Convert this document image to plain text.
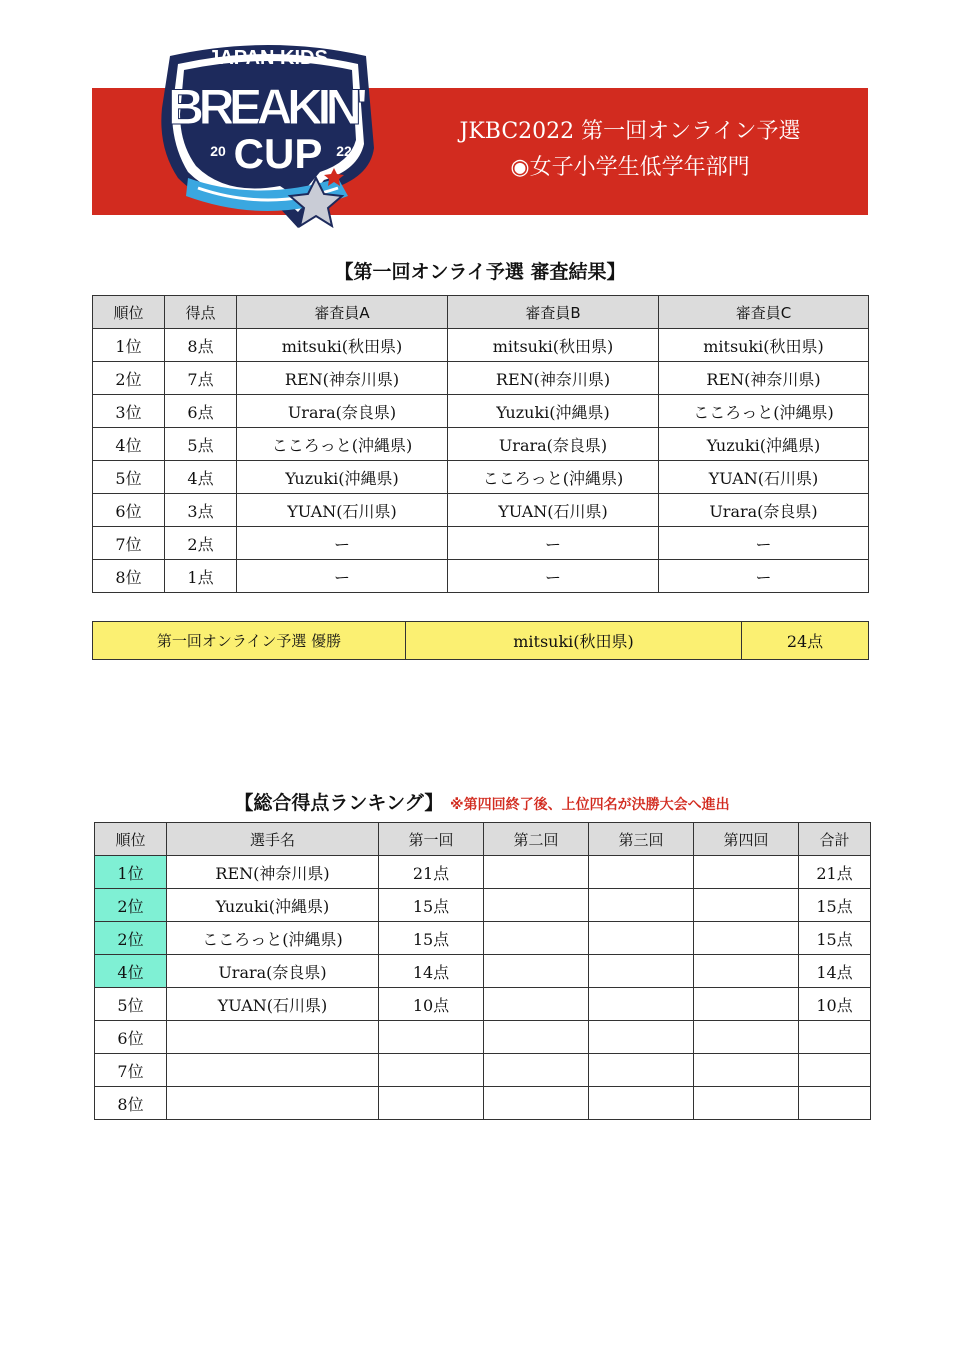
JAPAN KIDS
BREAKIN'
20 CUP 22
JKBC2022 第一回オンライン予選
◉女子小学生低学年部門
【第一回オンライ予選 審査結果】
順位	得点	審査員A	審査員B	審査員C
1位	8点	mitsuki(秋田県)	mitsuki(秋田県)	mitsuki(秋田県)
2位	7点	REN(神奈川県)	REN(神奈川県)	REN(神奈川県)
3位	6点	Urara(奈良県)	Yuzuki(沖縄県)	こころっと(沖縄県)
4位	5点	こころっと(沖縄県)	Urara(奈良県)	Yuzuki(沖縄県)
5位	4点	Yuzuki(沖縄県)	こころっと(沖縄県)	YUAN(石川県)
6位	3点	YUAN(石川県)	YUAN(石川県)	Urara(奈良県)
7位	2点	ー	ー	ー
8位	1点	ー	ー	ー
第一回オンライン予選 優勝	mitsuki(秋田県)	24点
【総合得点ランキング】 ※第四回終了後、上位四名が決勝大会へ進出
順位	選手名	第一回	第二回	第三回	第四回	合計
1位	REN(神奈川県)	21点				21点
2位	Yuzuki(沖縄県)	15点				15点
2位	こころっと(沖縄県)	15点				15点
4位	Urara(奈良県)	14点				14点
5位	YUAN(石川県)	10点				10点
6位						
7位						
8位						
